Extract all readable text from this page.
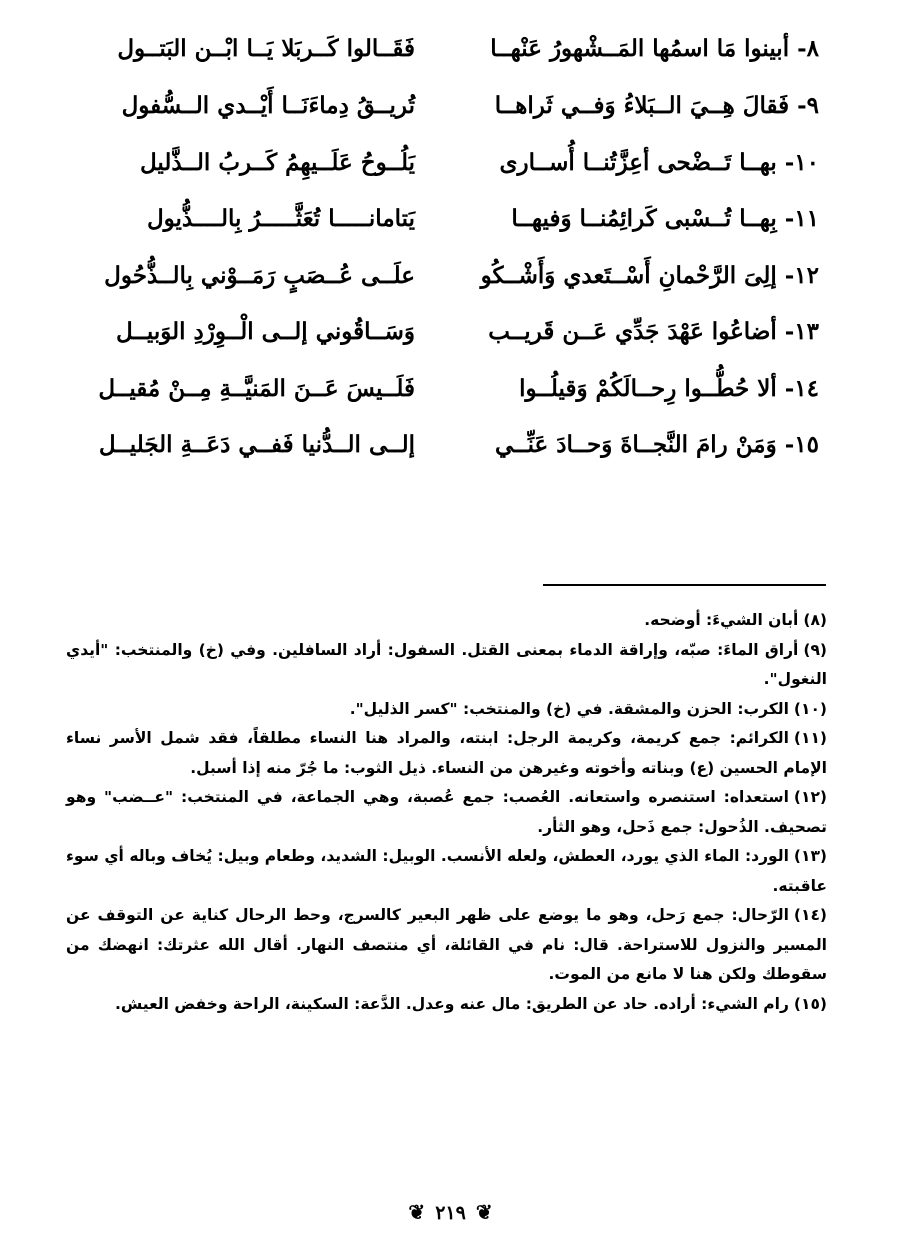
٨-
أبينوا مَا اسمُها المَــشْهورُ عَنْهــا
فَقَــالوا كَــربَلا يَــا ابْــن البَتــول
٩-
فَقالَ هِــيَ الــبَلاءُ وَفــي ثَراهــا
تُريــقُ دِماءَنَــا أَيْــدي الــسُّفول
١٠-
بهــا تَــضْحى أعِزَّتُنــا أُســارى
يَلُــوحُ عَلَــيهِمُ كَــربُ الــذَّليل
١١-
بِهــا تُــسْبى كَرائِمُنــا وَفيهــا
يَتامانـــــا تُعَثَّـــــرُ بِالــــذُّيول
١٢-
إلِىَ الرَّحْمانِ أَسْــتَعدي وَأَشْــكُو
علَــى عُــصَبٍ رَمَــوْني بِالــذُّحُول
١٣-
أضاعُوا عَهْدَ جَدِّي عَــن قَريــب
وَسَــاقُوني إلــى الْــوِرْدِ الوَبيــل
١٤-
ألا حُطُّــوا رِحــالَكُمْ وَقيلُــوا
فَلَــيسَ عَــنَ المَنيَّــةِ مِــنْ مُقيــل
١٥-
وَمَنْ رامَ النَّجــاةَ وَحــادَ عَنِّــي
إلــى الــدُّنيا فَفــي دَعَــةِ الجَليــل

(٨)أبان الشيءَ: أوضحه.

(٩)أراق الماءَ: صبّه، وإراقة الدماء بمعنى القتل. السفول: أراد السافلين. وفي (خ) والمنتخب: "أيدي النغول".

(١٠)الكرب: الحزن والمشقة. في (خ) والمنتخب: "كسر الذليل".

(١١)الكرائم: جمع كريمة، وكريمة الرجل: ابنته، والمراد هنا النساء مطلقاً، فقد شمل الأسر نساء الإمام الحسين (ع) وبناته وأخوته وغيرهن من النساء. ذيل الثوب: ما جُرّ منه إذا أسبل.

(١٢)استعداه: استنصره واستعانه. العُصب: جمع عُصبة، وهي الجماعة، في المنتخب: "عــضب" وهو تصحيف. الذُحول: جمع ذَحل، وهو الثأر.

(١٣)الورد: الماء الذي يورد، العطش، ولعله الأنسب. الوبيل: الشديد، وطعام وبيل: يُخاف وباله أي سوء عاقبته.

(١٤)الرّحال: جمع رَحل، وهو ما يوضع على ظهر البعير كالسرج، وحط الرحال كناية عن التوقف عن المسير والنزول للاستراحة. قال: نام في القائلة، أي منتصف النهار. أقال الله عثرتك: انهضك من سقوطك ولكن هنا لا مانع من الموت.

(١٥)رام الشيء: أراده. حاد عن الطريق: مال عنه وعدل. الدَّعة: السكينة، الراحة وخفض العيش.

❦ ٢١٩ ❦
